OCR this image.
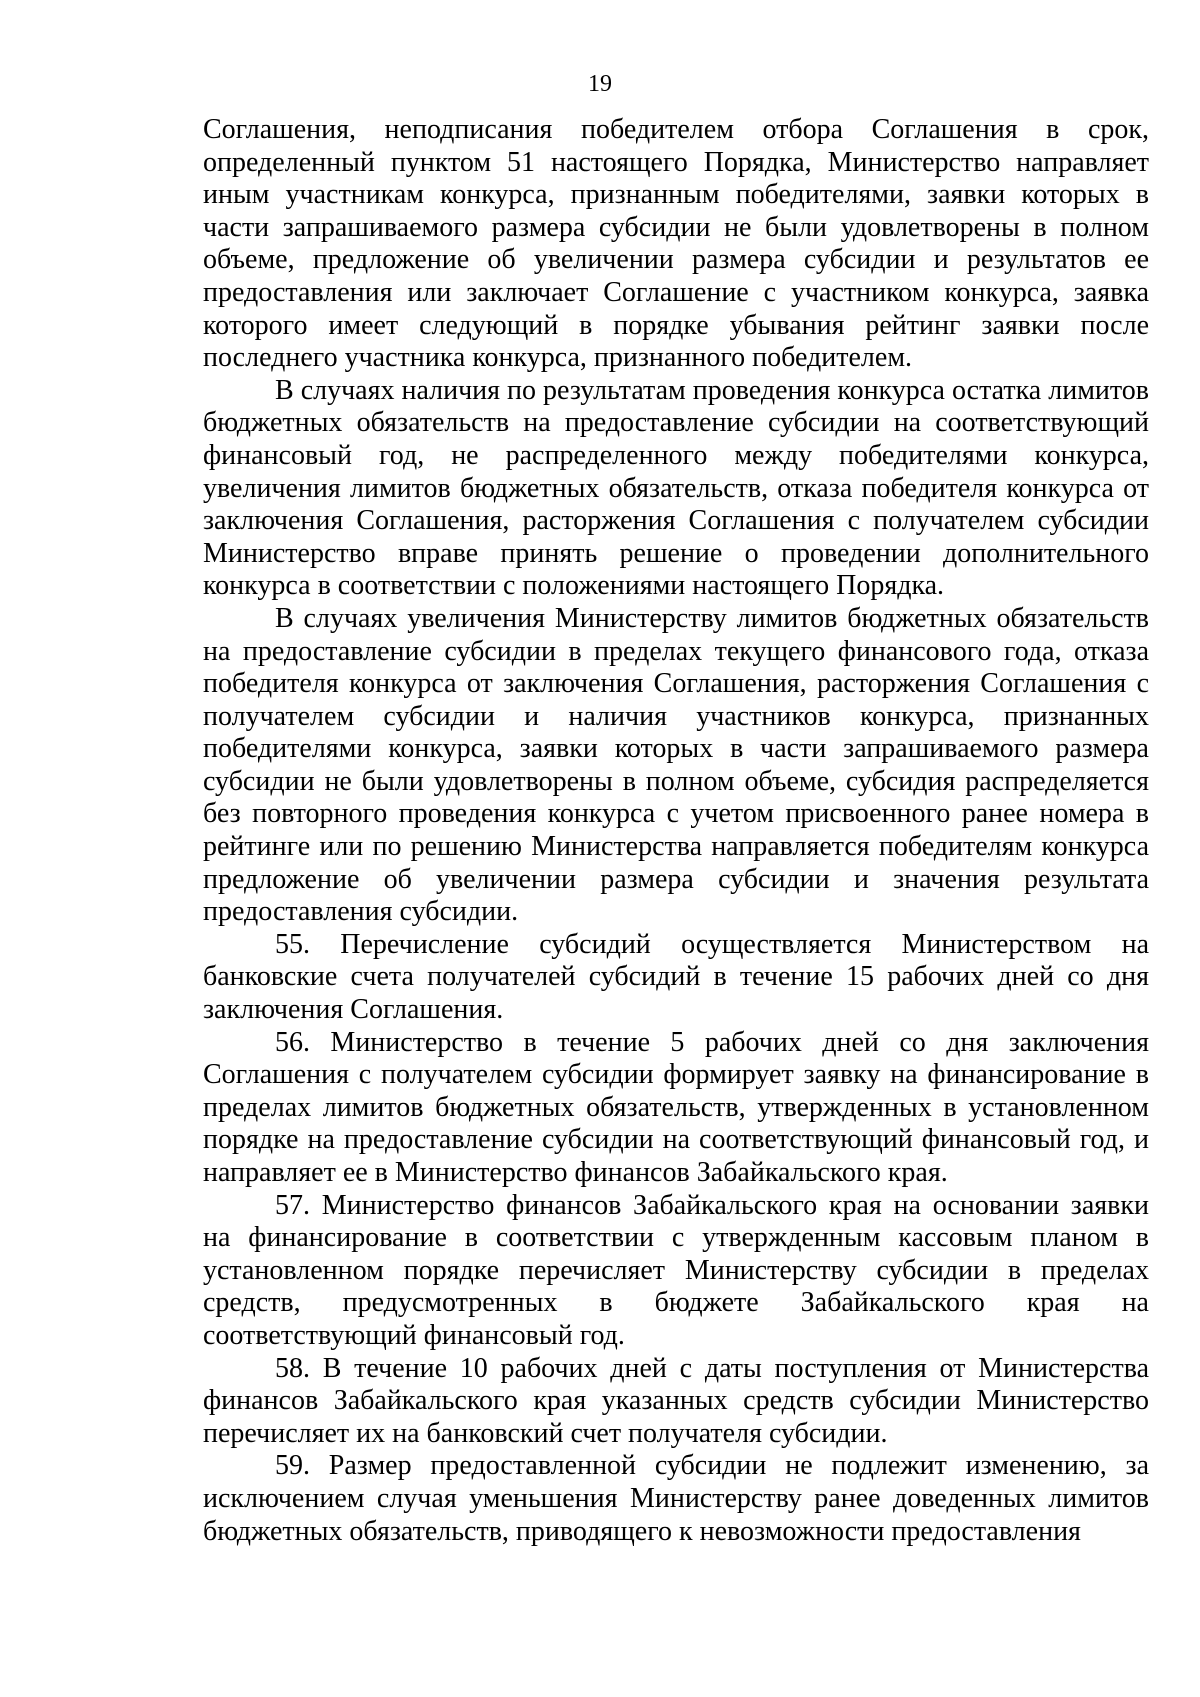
19

Соглашения, неподписания победителем отбора Соглашения в срок, определенный пунктом 51 настоящего Порядка, Министерство направляет иным участникам конкурса, признанным победителями, заявки которых в части запрашиваемого размера субсидии не были удовлетворены в полном объеме, предложение об увеличении размера субсидии и результатов ее предоставления или заключает Соглашение с участником конкурса, заявка которого имеет следующий в порядке убывания рейтинг заявки после последнего участника конкурса, признанного победителем.

В случаях наличия по результатам проведения конкурса остатка лимитов бюджетных обязательств на предоставление субсидии на соответствующий финансовый год, не распределенного между победителями конкурса, увеличения лимитов бюджетных обязательств, отказа победителя конкурса от заключения Соглашения, расторжения Соглашения с получателем субсидии Министерство вправе принять решение о проведении дополнительного конкурса в соответствии с положениями настоящего Порядка.

В случаях увеличения Министерству лимитов бюджетных обязательств на предоставление субсидии в пределах текущего финансового года, отказа победителя конкурса от заключения Соглашения, расторжения Соглашения с получателем субсидии и наличия участников конкурса, признанных победителями конкурса, заявки которых в части запрашиваемого размера субсидии не были удовлетворены в полном объеме, субсидия распределяется без повторного проведения конкурса с учетом присвоенного ранее номера в рейтинге или по решению Министерства направляется победителям конкурса предложение об увеличении размера субсидии и значения результата предоставления субсидии.

55. Перечисление субсидий осуществляется Министерством на банковские счета получателей субсидий в течение 15 рабочих дней со дня заключения Соглашения.

56. Министерство в течение 5 рабочих дней со дня заключения Соглашения с получателем субсидии формирует заявку на финансирование в пределах лимитов бюджетных обязательств, утвержденных в установленном порядке на предоставление субсидии на соответствующий финансовый год, и направляет ее в Министерство финансов Забайкальского края.

57. Министерство финансов Забайкальского края на основании заявки на финансирование в соответствии с утвержденным кассовым планом в установленном порядке перечисляет Министерству субсидии в пределах средств, предусмотренных в бюджете Забайкальского края на соответствующий финансовый год.

58. В течение 10 рабочих дней с даты поступления от Министерства финансов Забайкальского края указанных средств субсидии Министерство перечисляет их на банковский счет получателя субсидии.

59. Размер предоставленной субсидии не подлежит изменению, за исключением случая уменьшения Министерству ранее доведенных лимитов бюджетных обязательств, приводящего к невозможности предоставления
